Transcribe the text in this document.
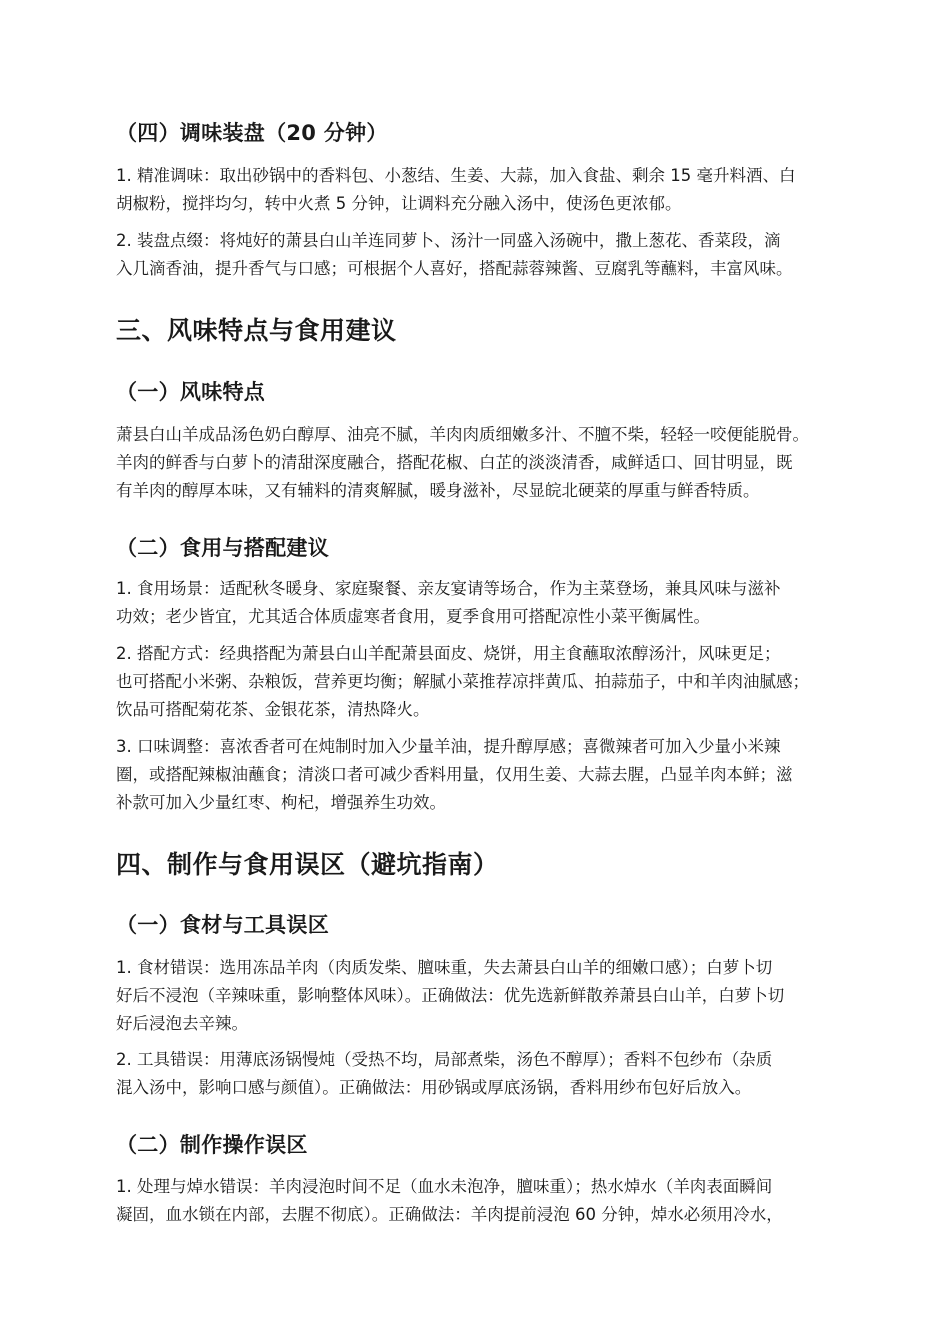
（四）调味装盘（20 分钟）

1. 精准调味：取出砂锅中的香料包、小葱结、生姜、大蒜，加入食盐、剩余 15 毫升料酒、白
胡椒粉，搅拌均匀，转中火煮 5 分钟，让调料充分融入汤中，使汤色更浓郁。

2. 装盘点缀：将炖好的萧县白山羊连同萝卜、汤汁一同盛入汤碗中，撒上葱花、香菜段，滴
入几滴香油，提升香气与口感；可根据个人喜好，搭配蒜蓉辣酱、豆腐乳等蘸料，丰富风味。

三、风味特点与食用建议
（一）风味特点

萧县白山羊成品汤色奶白醇厚、油亮不腻，羊肉肉质细嫩多汁、不膻不柴，轻轻一咬便能脱骨。
羊肉的鲜香与白萝卜的清甜深度融合，搭配花椒、白芷的淡淡清香，咸鲜适口、回甘明显，既
有羊肉的醇厚本味，又有辅料的清爽解腻，暖身滋补，尽显皖北硬菜的厚重与鲜香特质。

（二）食用与搭配建议

1. 食用场景：适配秋冬暖身、家庭聚餐、亲友宴请等场合，作为主菜登场，兼具风味与滋补
功效；老少皆宜，尤其适合体质虚寒者食用，夏季食用可搭配凉性小菜平衡属性。

2. 搭配方式：经典搭配为萧县白山羊配萧县面皮、烧饼，用主食蘸取浓醇汤汁，风味更足；
也可搭配小米粥、杂粮饭，营养更均衡；解腻小菜推荐凉拌黄瓜、拍蒜茄子，中和羊肉油腻感；
饮品可搭配菊花茶、金银花茶，清热降火。

3. 口味调整：喜浓香者可在炖制时加入少量羊油，提升醇厚感；喜微辣者可加入少量小米辣
圈，或搭配辣椒油蘸食；清淡口者可减少香料用量，仅用生姜、大蒜去腥，凸显羊肉本鲜；滋
补款可加入少量红枣、枸杞，增强养生功效。

四、制作与食用误区（避坑指南）
（一）食材与工具误区

1. 食材错误：选用冻品羊肉（肉质发柴、膻味重，失去萧县白山羊的细嫩口感）；白萝卜切
好后不浸泡（辛辣味重，影响整体风味）。正确做法：优先选新鲜散养萧县白山羊，白萝卜切
好后浸泡去辛辣。

2. 工具错误：用薄底汤锅慢炖（受热不均，局部煮柴，汤色不醇厚）；香料不包纱布（杂质
混入汤中，影响口感与颜值）。正确做法：用砂锅或厚底汤锅，香料用纱布包好后放入。

（二）制作操作误区

1. 处理与焯水错误：羊肉浸泡时间不足（血水未泡净，膻味重）；热水焯水（羊肉表面瞬间
凝固，血水锁在内部，去腥不彻底）。正确做法：羊肉提前浸泡 60 分钟，焯水必须用冷水，
